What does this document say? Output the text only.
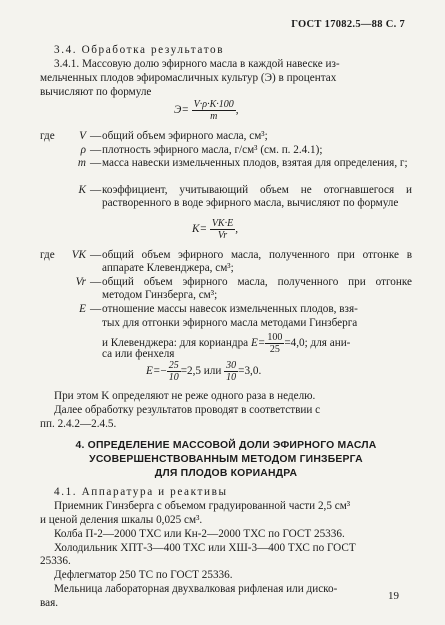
ГОСТ 17082.5—88 С. 7
3.4. Обработка результатов
3.4.1. Массовую долю эфирного масла в каждой навеске из-
мельченных плодов эфиромасличных культур (Э) в процентах
вычисляют по формуле
$Э= \frac{V\cdot\rho\cdot K\cdot 100}{m}$ ,
где	V — общий объем эфирного масла, см³;
ρ — плотность эфирного масла, г/см³ (см. п. 2.4.1);
m — масса навески измельченных плодов, взятая для определения, г;
K — коэффициент, учитывающий объем не отогнавшегося и растворенного в воде эфирного масла, вычисляют по формуле
$K= \frac{VK\cdot E}{Vr}$ ,
где	VK — общий объем эфирного масла, полученного при отгонке в аппарате Клевенджера, см³;
Vr — общий объем эфирного масла, полученного при отгонке методом Гинзберга, см³;
E — отношение массы навесок измельченных плодов, взя-
тых для отгонки эфирного масла методами Гинзберга
и Клевенджера: для кориандра $E= \frac{100}{25} =4,0$; для ани-
са или фенхеля
$E=- \frac{25}{10} =2,5$ или $\frac{30}{10} =3,0$.
При этом K определяют не реже одного раза в неделю.
Далее обработку результатов проводят в соответствии с
пп. 2.4.2—2.4.5.
4. ОПРЕДЕЛЕНИЕ МАССОВОЙ ДОЛИ ЭФИРНОГО МАСЛА
УСОВЕРШЕНСТВОВАННЫМ МЕТОДОМ ГИНЗБЕРГА
ДЛЯ ПЛОДОВ КОРИАНДРА
4.1. Аппаратура и реактивы
Приемник Гинзберга с объемом градуированной части 2,5 см³
и ценой деления шкалы 0,025 см³.
Колба П-2—2000 ТХС или Кн-2—2000 ТХС по ГОСТ 25336.
Холодильник ХПТ-3—400 ТХС или ХШ-3—400 ТХС по ГОСТ
25336.
Дефлегматор 250 ТС по ГОСТ 25336.
Мельница лабораторная двухвалковая рифленая или диско-
вая.
19
